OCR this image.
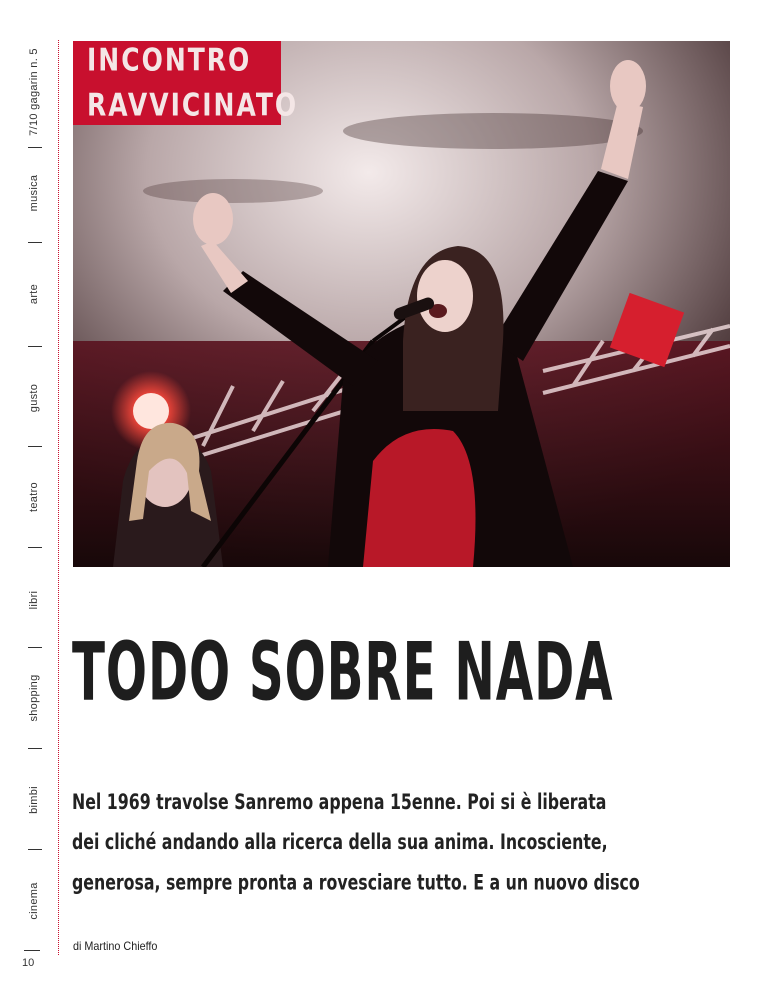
7/10 gagarin n. 5
musica
arte
gusto
teatro
libri
shopping
bimbi
cinema
10
INCONTRO
RAVVICINATO
TODO SOBRE NADA
Nel 1969 travolse Sanremo appena 15enne. Poi si è liberata
dei cliché andando alla ricerca della sua anima. Incosciente,
generosa, sempre pronta a rovesciare tutto. E a un nuovo disco
di Martino Chieffo
